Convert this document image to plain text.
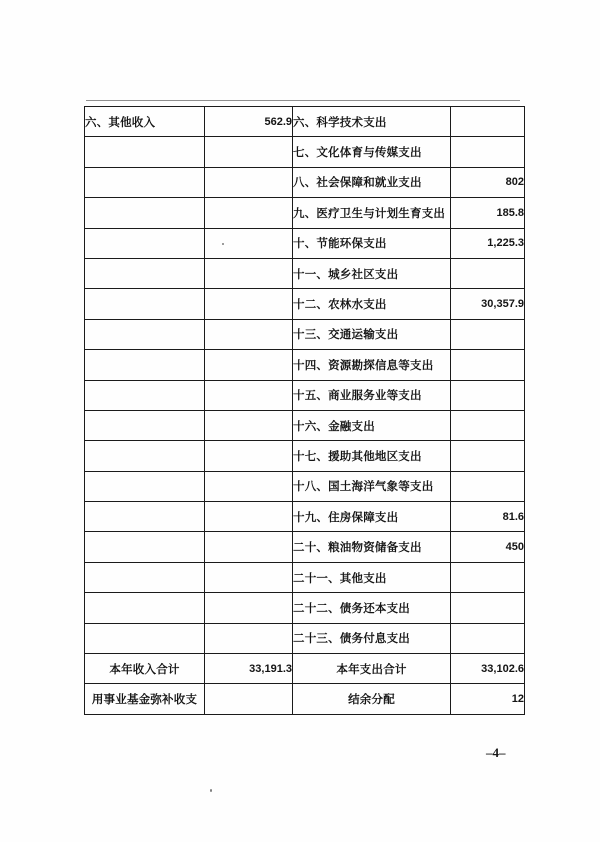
六、其他收入	562.9	六、科学技术支出	
		七、文化体育与传媒支出	
		八、社会保障和就业支出	802
		九、医疗卫生与计划生育支出	185.8
		十、节能环保支出	1,225.3
		十一、城乡社区支出	
		十二、农林水支出	30,357.9
		十三、交通运输支出	
		十四、资源勘探信息等支出	
		十五、商业服务业等支出	
		十六、金融支出	
		十七、援助其他地区支出	
		十八、国土海洋气象等支出	
		十九、住房保障支出	81.6
		二十、粮油物资储备支出	450
		二十一、其他支出	
		二十二、债务还本支出	
		二十三、债务付息支出	
本年收入合计	33,191.3	本年支出合计	33,102.6
用事业基金弥补收支		结余分配	12
–4–
